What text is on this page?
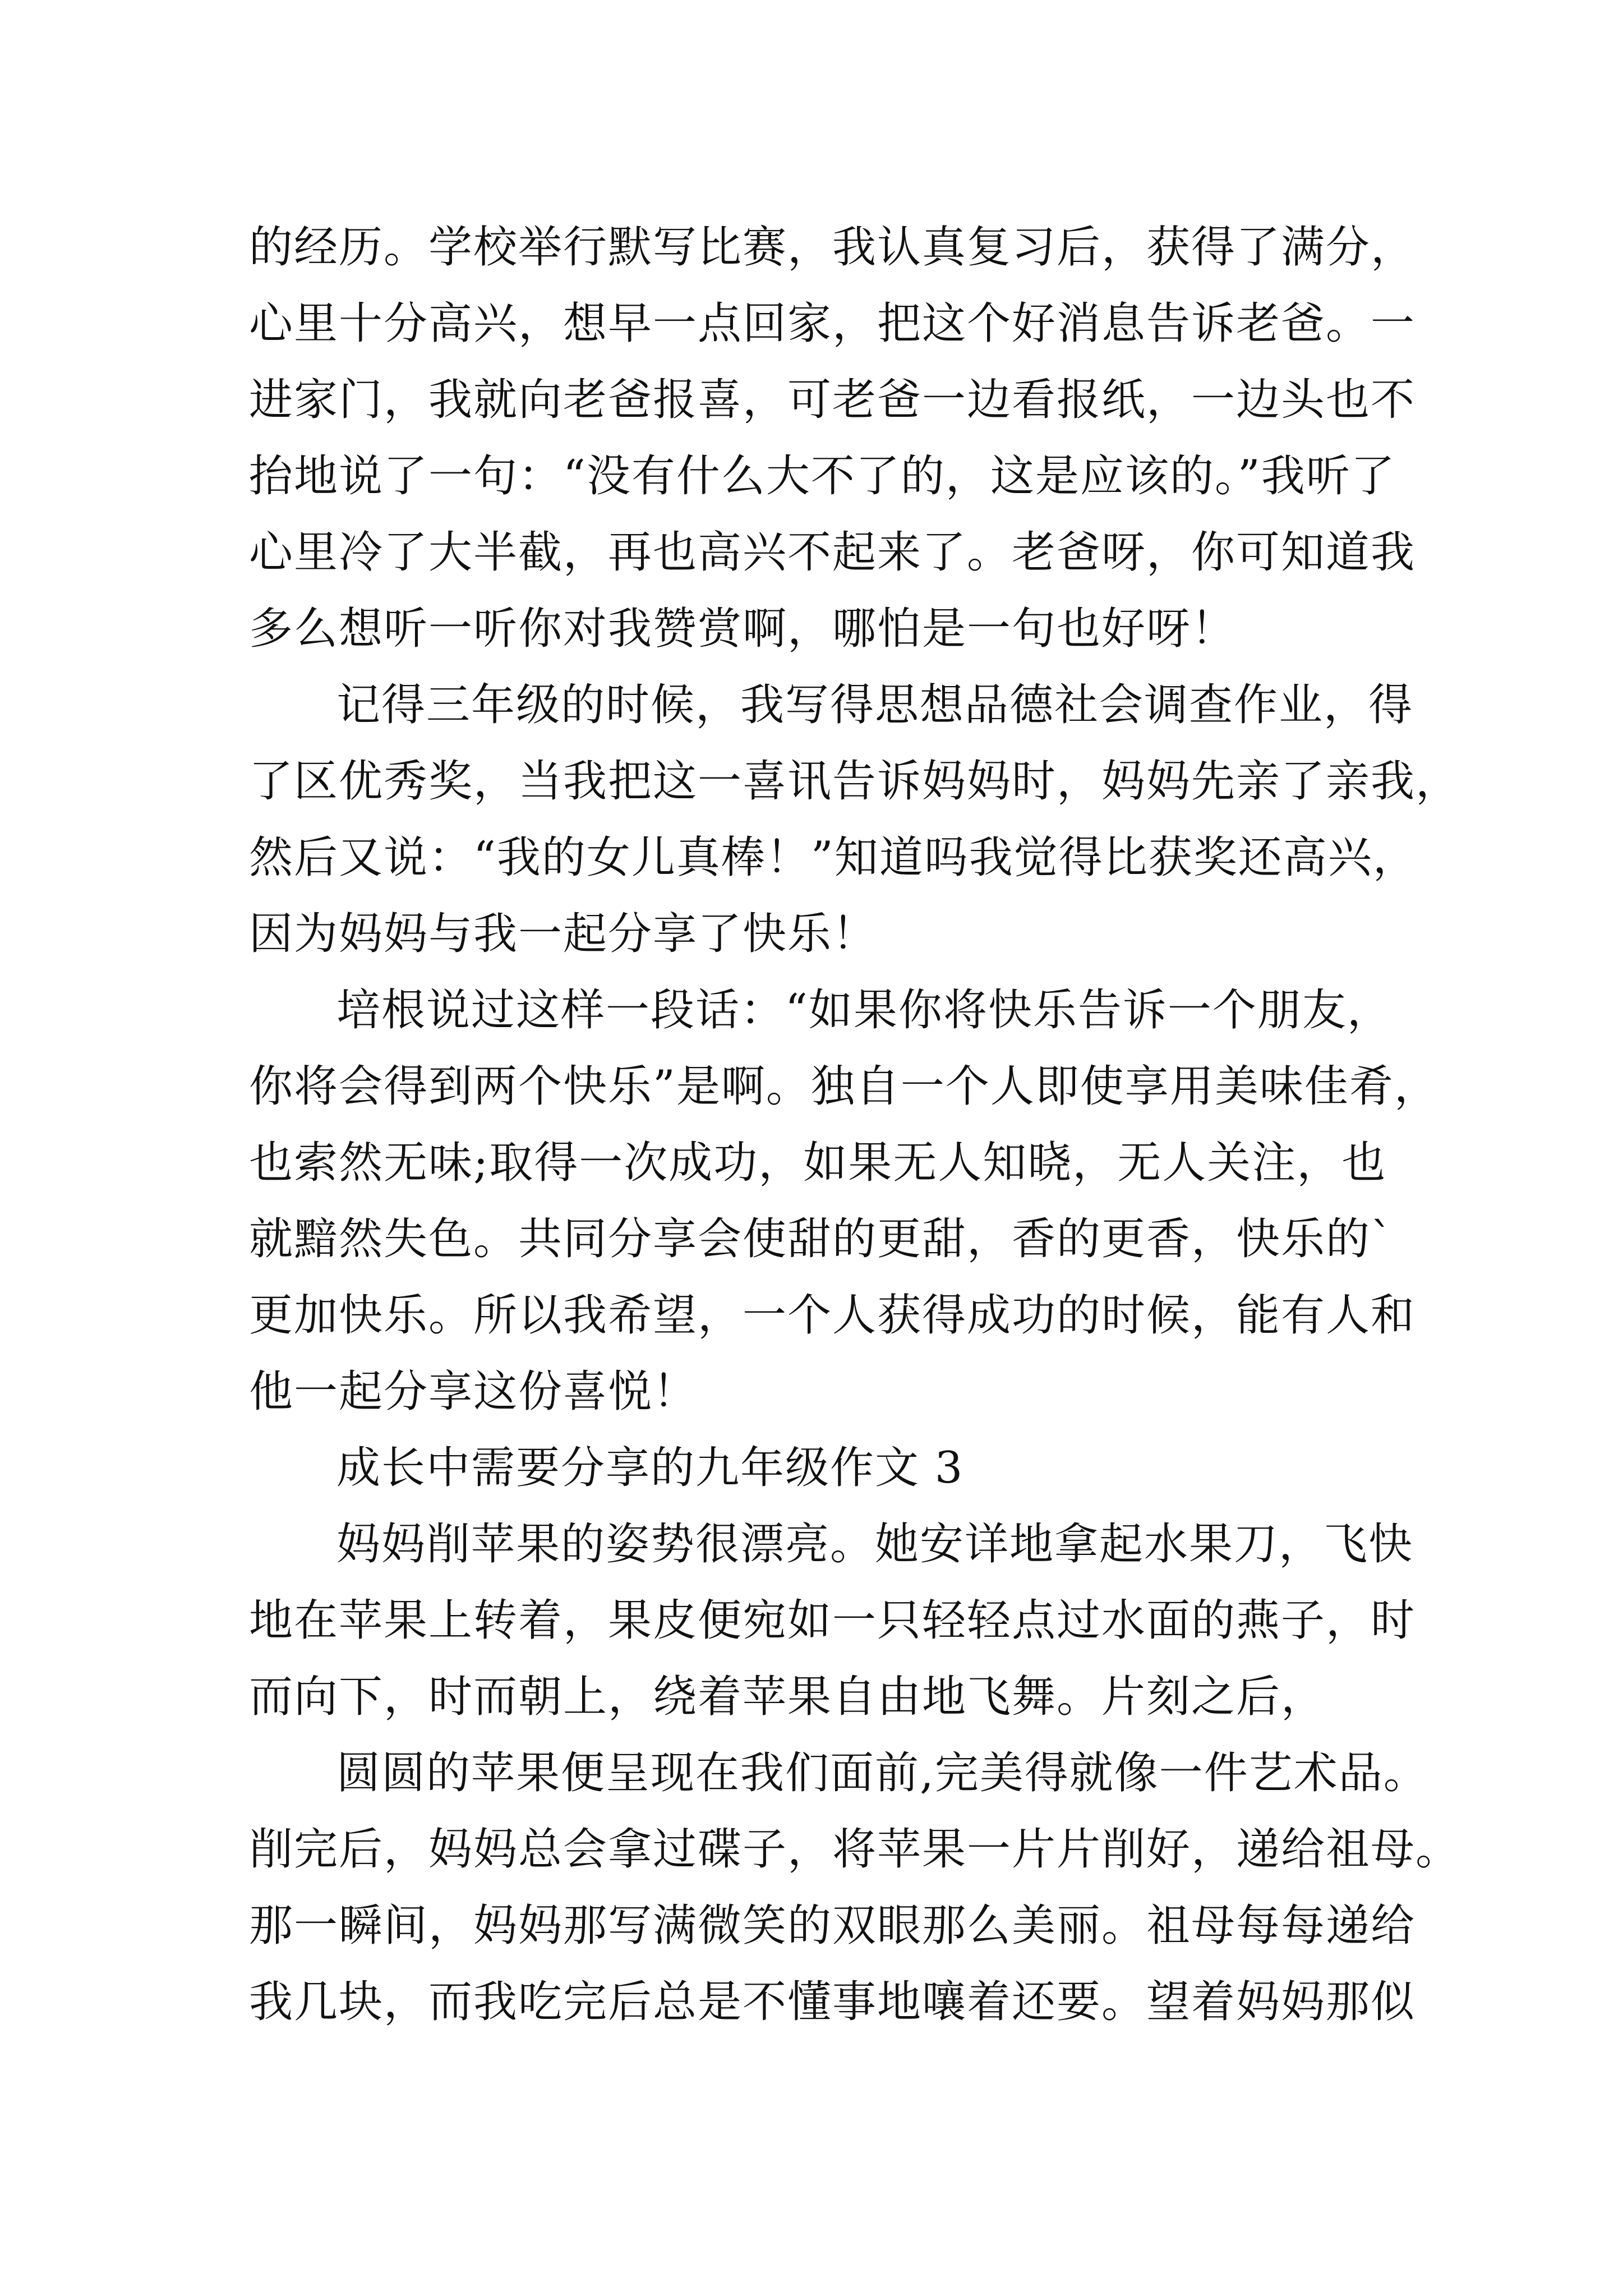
的经历。学校举行默写比赛，我认真复习后，获得了满分，
心里十分高兴，想早一点回家，把这个好消息告诉老爸。一
进家门，我就向老爸报喜，可老爸一边看报纸，一边头也不
抬地说了一句：“没有什么大不了的，这是应该的。”我听了
心里冷了大半截，再也高兴不起来了。老爸呀，你可知道我
多么想听一听你对我赞赏啊，哪怕是一句也好呀！
记得三年级的时候，我写得思想品德社会调查作业，得
了区优秀奖，当我把这一喜讯告诉妈妈时，妈妈先亲了亲我，
然后又说：“我的女儿真棒！”知道吗我觉得比获奖还高兴，
因为妈妈与我一起分享了快乐！
培根说过这样一段话：“如果你将快乐告诉一个朋友，
你将会得到两个快乐”是啊。独自一个人即使享用美味佳肴，
也索然无味;取得一次成功，如果无人知晓，无人关注，也
就黯然失色。共同分享会使甜的更甜，香的更香，快乐的`
更加快乐。所以我希望，一个人获得成功的时候，能有人和
他一起分享这份喜悦！
成长中需要分享的九年级作文 3
妈妈削苹果的姿势很漂亮。她安详地拿起水果刀，飞快
地在苹果上转着，果皮便宛如一只轻轻点过水面的燕子，时
而向下，时而朝上，绕着苹果自由地飞舞。片刻之后，
圆圆的苹果便呈现在我们面前,完美得就像一件艺术品。
削完后，妈妈总会拿过碟子，将苹果一片片削好，递给祖母。
那一瞬间，妈妈那写满微笑的双眼那么美丽。祖母每每递给
我几块，而我吃完后总是不懂事地嚷着还要。望着妈妈那似
